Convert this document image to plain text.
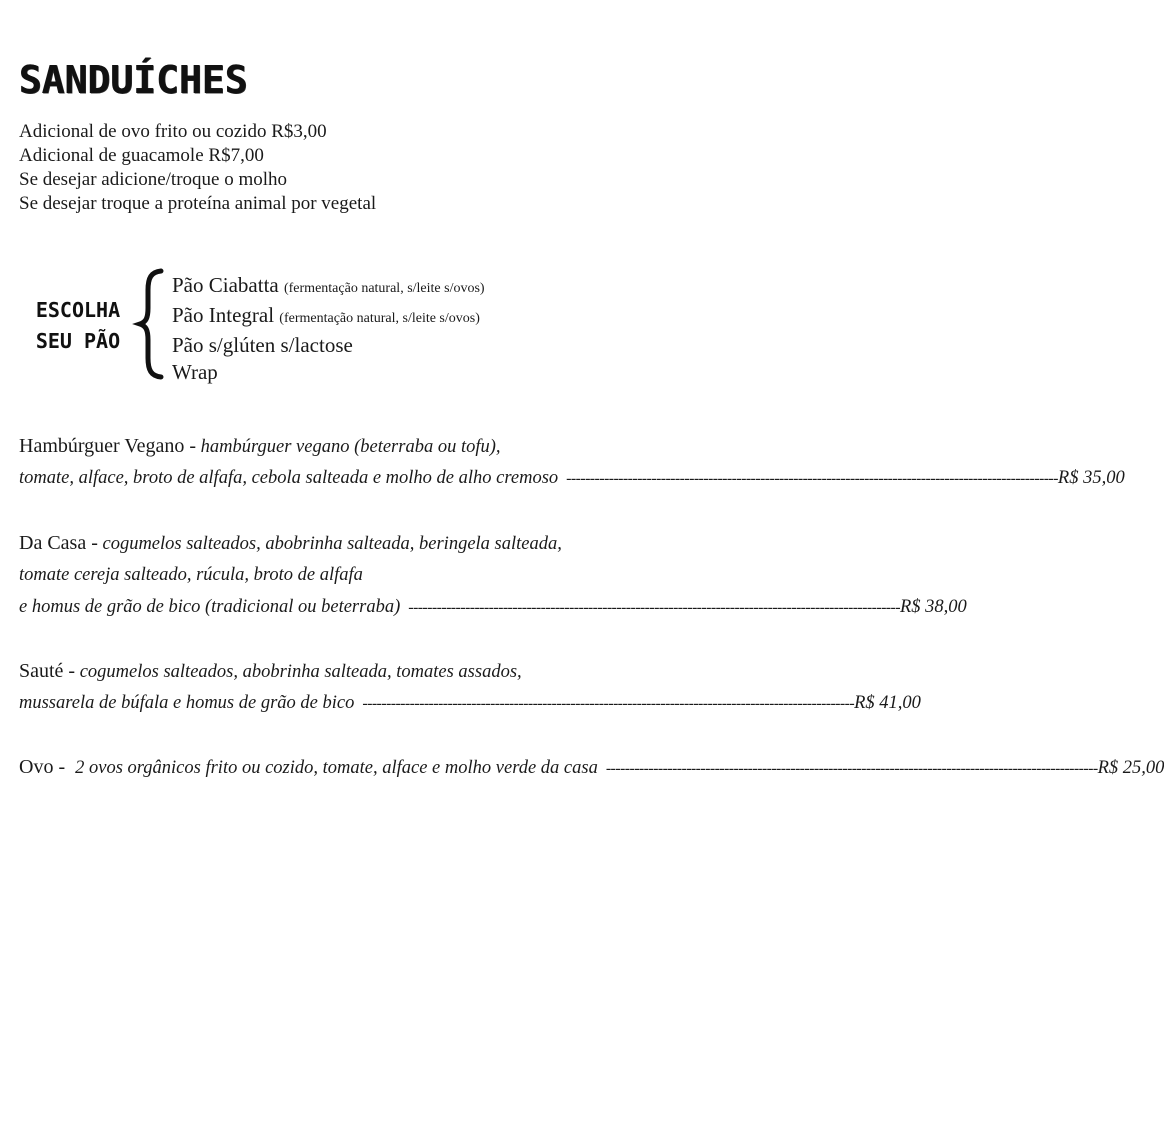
SANDUÍCHES
Adicional de ovo frito ou cozido R$3,00
Adicional de guacamole R$7,00
Se desejar adicione/troque o molho
Se desejar troque a proteína animal por vegetal
ESCOLHA
SEU PÃO
Pão Ciabatta (fermentação natural, s/leite s/ovos)
Pão Integral (fermentação natural, s/leite s/ovos)
Pão s/glúten s/lactose
Wrap
Hambúrguer Vegano - hambúrguer vegano (beterraba ou tofu),
tomate, alface, broto de alfafa, cebola salteada e molho de alho cremoso -------------------------------------------------------------------------------------------------------- R$ 35,00
Da Casa - cogumelos salteados, abobrinha salteada, beringela salteada,
tomate cereja salteado, rúcula, broto de alfafa
e homus de grão de bico (tradicional ou beterraba) -------------------------------------------------------------------------------------------------------- R$ 38,00
Sauté - cogumelos salteados, abobrinha salteada, tomates assados,
mussarela de búfala e homus de grão de bico -------------------------------------------------------------------------------------------------------- R$ 41,00
Ovo - 2 ovos orgânicos frito ou cozido, tomate, alface e molho verde da casa -------------------------------------------------------------------------------------------------------- R$ 25,00
